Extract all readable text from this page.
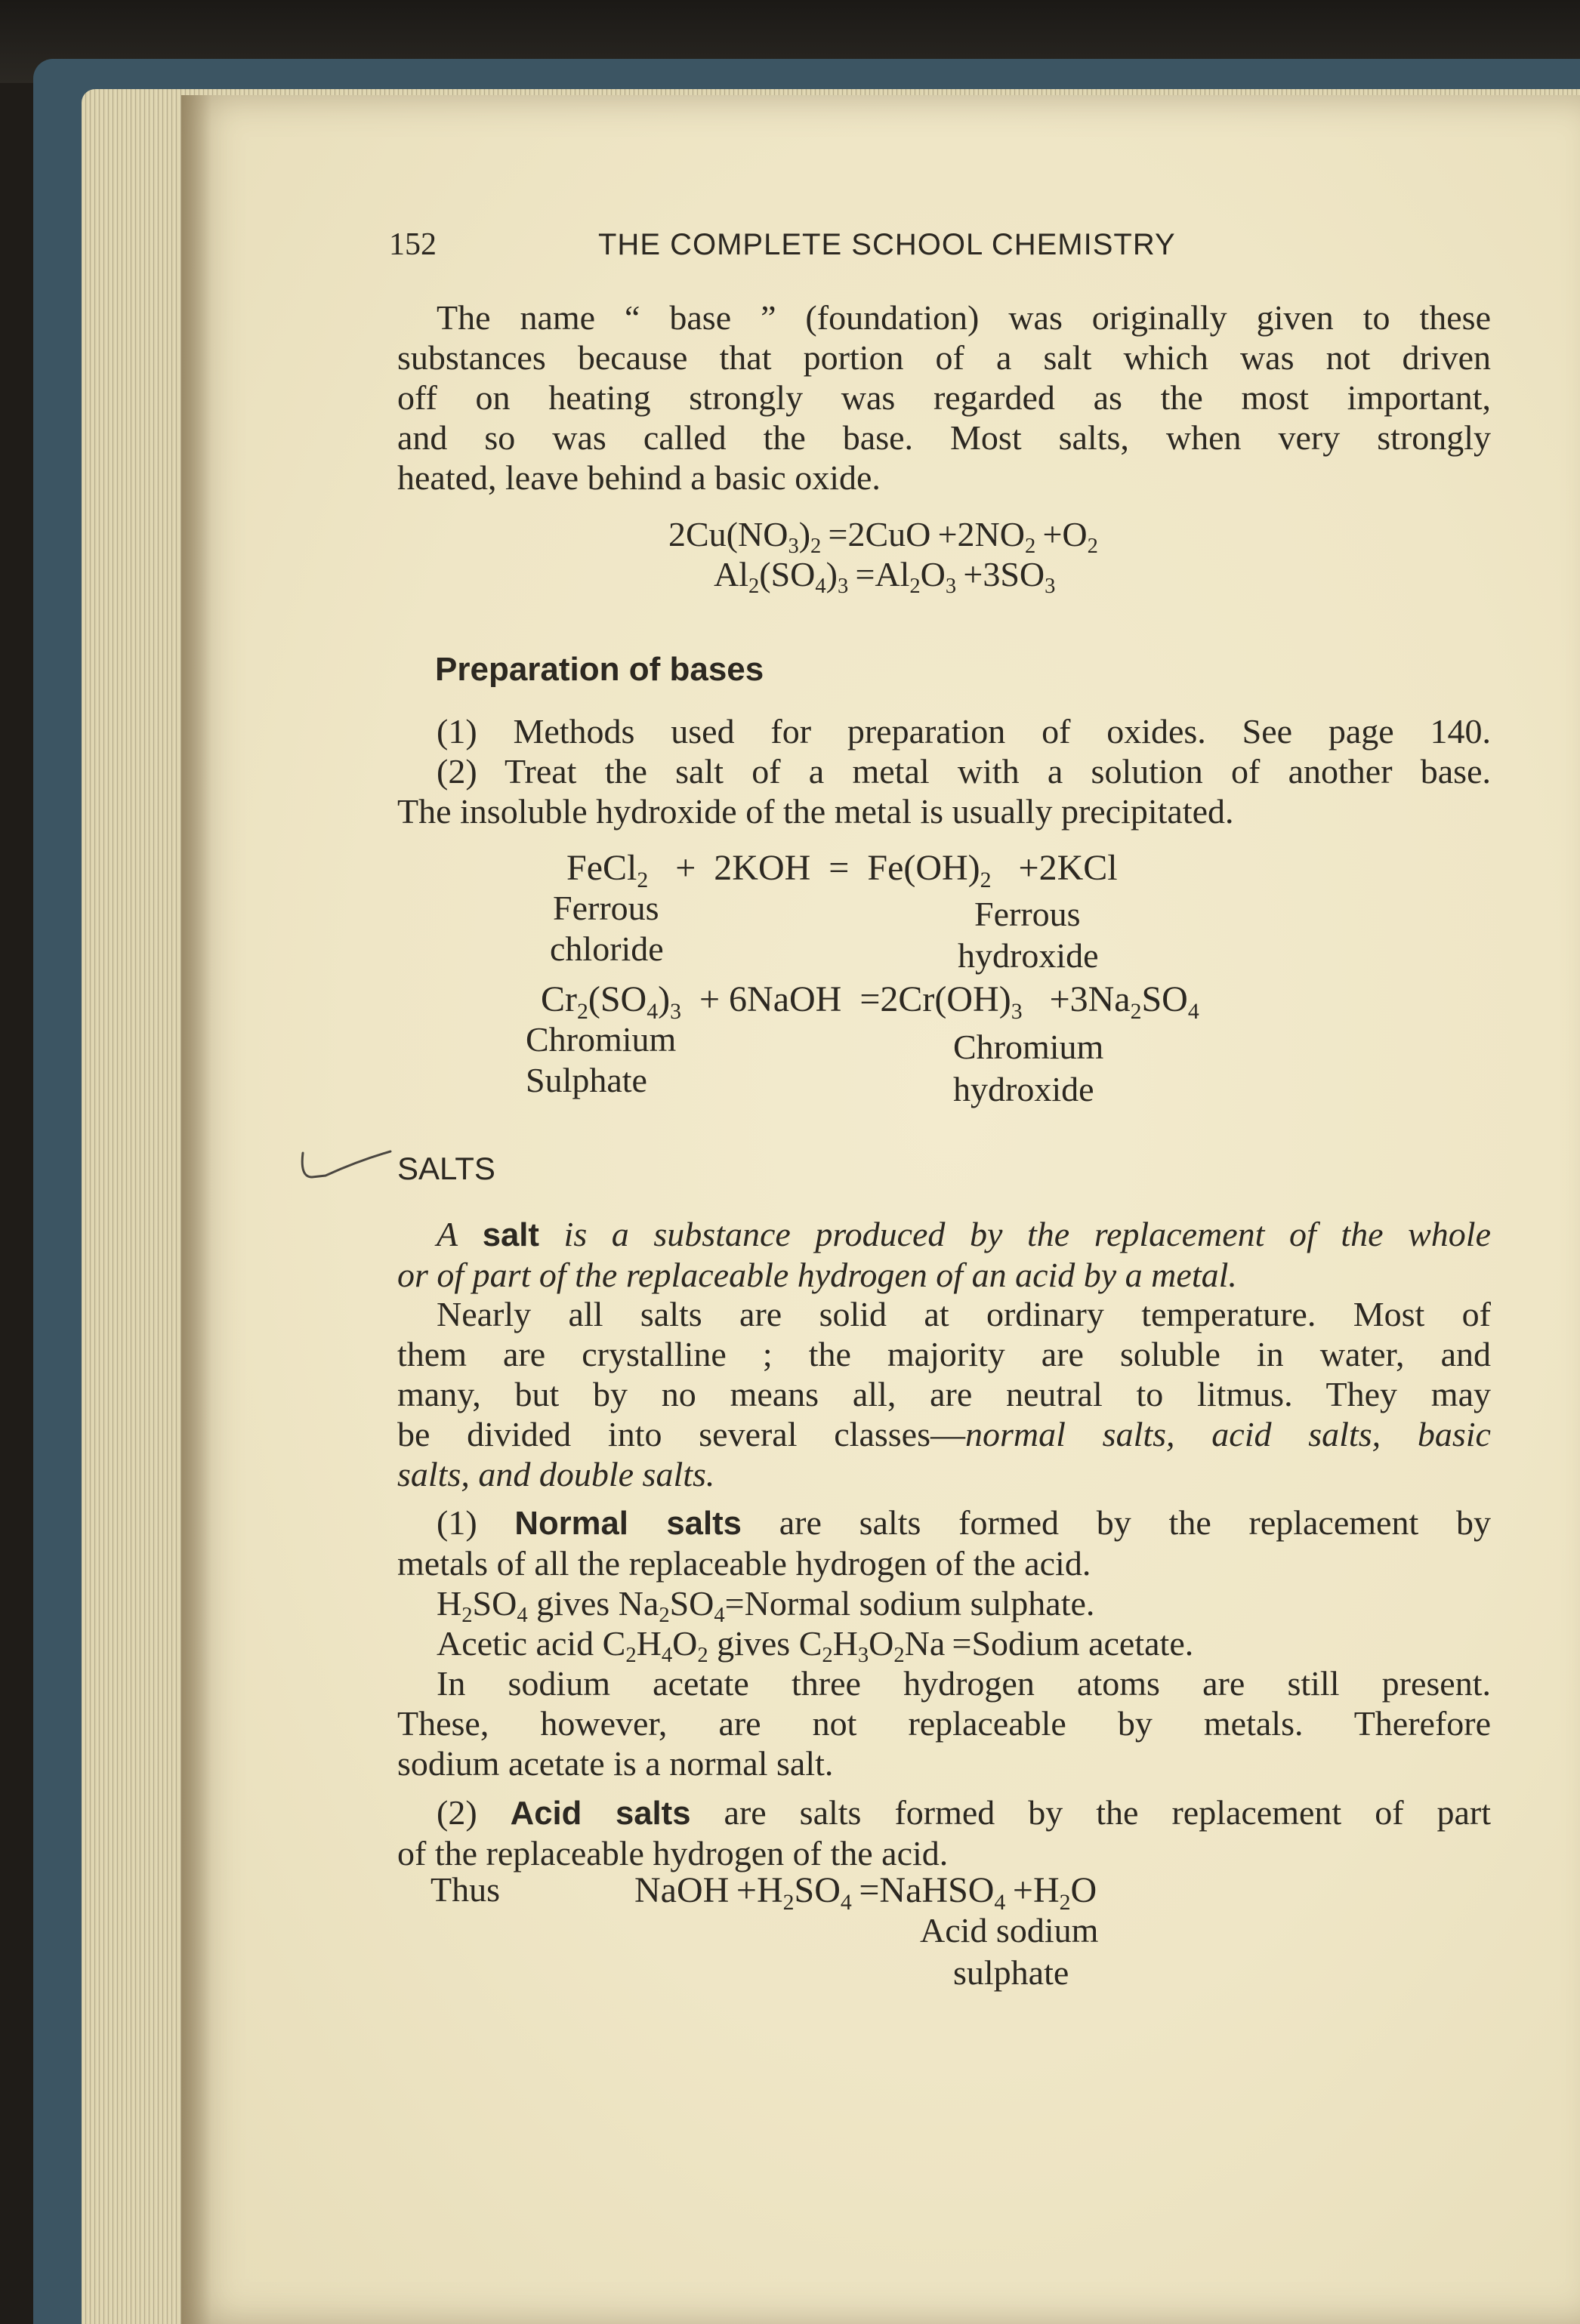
152	THE COMPLETE SCHOOL CHEMISTRY

The name “ base ” (foundation) was originally given to these

substances because that portion of a salt which was not driven

off on heating strongly was regarded as the most important,

and so was called the base. Most salts, when very strongly

heated, leave behind a basic oxide.

2Cu(NO3)2 =2CuO +2NO2 +O2
Al2(SO4)3 =Al2O3 +3SO3
Preparation of bases

(1) Methods used for preparation of oxides. See page 140.

(2) Treat the salt of a metal with a solution of another base.

The insoluble hydroxide of the metal is usually precipitated.

FeCl2   +  2KOH  =  Fe(OH)2   +2KCl
Ferrous
chloride
Ferrous
hydroxide
Cr2(SO4)3  + 6NaOH  =2Cr(OH)3   +3Na2SO4
Chromium
Sulphate
Chromium
hydroxide
SALTS

A salt is a substance produced by the replacement of the whole

or of part of the replaceable hydrogen of an acid by a metal.

Nearly all salts are solid at ordinary temperature. Most of

them are crystalline ; the majority are soluble in water, and

many, but by no means all, are neutral to litmus. They may

be divided into several classes—normal salts, acid salts, basic

salts, and double salts.

(1) Normal salts are salts formed by the replacement by

metals of all the replaceable hydrogen of the acid.

H2SO4 gives Na2SO4=Normal sodium sulphate.

Acetic acid C2H4O2 gives C2H3O2Na =Sodium acetate.

In sodium acetate three hydrogen atoms are still present.

These, however, are not replaceable by metals. Therefore

sodium acetate is a normal salt.

(2) Acid salts are salts formed by the replacement of part

of the replaceable hydrogen of the acid.

Thus	NaOH +H2SO4 =NaHSO4 +H2O
Acid sodium
sulphate
